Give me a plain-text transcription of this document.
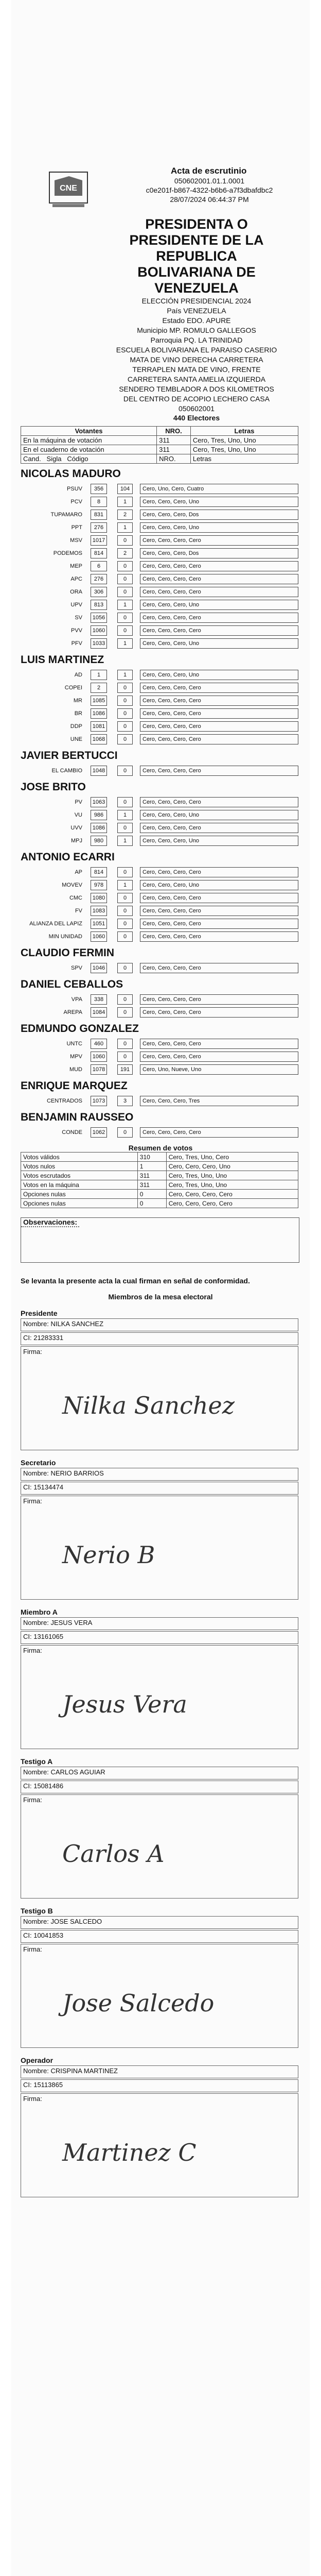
CNE
Acta de escrutinio
050602001.01.1.0001
c0e201f-b867-4322-b6b6-a7f3dbafdbc2
28/07/2024 06:44:37 PM
PRESIDENTA O PRESIDENTE DE LA REPUBLICA BOLIVARIANA DE VENEZUELA
ELECCIÓN PRESIDENCIAL 2024
País VENEZUELA
Estado EDO. APURE
Municipio MP. ROMULO GALLEGOS
Parroquia PQ. LA TRINIDAD
ESCUELA BOLIVARIANA EL PARAISO CASERIO MATA DE VINO DERECHA CARRETERA TERRAPLEN MATA DE VINO, FRENTE CARRETERA SANTA AMELIA IZQUIERDA SENDERO TEMBLADOR A DOS KILOMETROS DEL CENTRO DE ACOPIO LECHERO CASA
050602001
440 Electores
Votantes	NRO.	Letras
En la máquina de votación	311	Cero, Tres, Uno, Uno
En el cuaderno de votación	311	Cero, Tres, Uno, Uno
Cand. Sigla Código	NRO.	Letras
NICOLAS MADURO
PSUV	356	104	Cero, Uno, Cero, Cuatro
PCV	8	1	Cero, Cero, Cero, Uno
TUPAMARO	831	2	Cero, Cero, Cero, Dos
PPT	276	1	Cero, Cero, Cero, Uno
MSV	1017	0	Cero, Cero, Cero, Cero
PODEMOS	814	2	Cero, Cero, Cero, Dos
MEP	6	0	Cero, Cero, Cero, Cero
APC	276	0	Cero, Cero, Cero, Cero
ORA	306	0	Cero, Cero, Cero, Cero
UPV	813	1	Cero, Cero, Cero, Uno
SV	1056	0	Cero, Cero, Cero, Cero
PVV	1060	0	Cero, Cero, Cero, Cero
PFV	1033	1	Cero, Cero, Cero, Uno
LUIS MARTINEZ
AD	1	1	Cero, Cero, Cero, Uno
COPEI	2	0	Cero, Cero, Cero, Cero
MR	1085	0	Cero, Cero, Cero, Cero
BR	1086	0	Cero, Cero, Cero, Cero
DDP	1081	0	Cero, Cero, Cero, Cero
UNE	1068	0	Cero, Cero, Cero, Cero
JAVIER BERTUCCI
EL CAMBIO	1048	0	Cero, Cero, Cero, Cero
JOSE BRITO
PV	1063	0	Cero, Cero, Cero, Cero
VU	986	1	Cero, Cero, Cero, Uno
UVV	1086	0	Cero, Cero, Cero, Cero
MPJ	980	1	Cero, Cero, Cero, Uno
ANTONIO ECARRI
AP	814	0	Cero, Cero, Cero, Cero
MOVEV	978	1	Cero, Cero, Cero, Uno
CMC	1080	0	Cero, Cero, Cero, Cero
FV	1083	0	Cero, Cero, Cero, Cero
ALIANZA DEL LAPIZ	1051	0	Cero, Cero, Cero, Cero
MIN UNIDAD	1060	0	Cero, Cero, Cero, Cero
CLAUDIO FERMIN
SPV	1046	0	Cero, Cero, Cero, Cero
DANIEL CEBALLOS
VPA	338	0	Cero, Cero, Cero, Cero
AREPA	1084	0	Cero, Cero, Cero, Cero
EDMUNDO GONZALEZ
UNTC	460	0	Cero, Cero, Cero, Cero
MPV	1060	0	Cero, Cero, Cero, Cero
MUD	1078	191	Cero, Uno, Nueve, Uno
ENRIQUE MARQUEZ
CENTRADOS	1073	3	Cero, Cero, Cero, Tres
BENJAMIN RAUSSEO
CONDE	1062	0	Cero, Cero, Cero, Cero
Resumen de votos
Votos válidos	310	Cero, Tres, Uno, Cero
Votos nulos	1	Cero, Cero, Cero, Uno
Votos escrutados	311	Cero, Tres, Uno, Uno
Votos en la máquina	311	Cero, Tres, Uno, Uno
Opciones nulas	0	Cero, Cero, Cero, Cero
Opciones nulas	0	Cero, Cero, Cero, Cero
Observaciones:
Se levanta la presente acta la cual firman en señal de conformidad.
Miembros de la mesa electoral
Presidente
Nombre: NILKA SANCHEZ
CI: 21283331
Firma:
Nilka Sanchez
Secretario
Nombre: NERIO BARRIOS
CI: 15134474
Firma:
Nerio B
Miembro A
Nombre: JESUS VERA
CI: 13161065
Firma:
Jesus Vera
Testigo A
Nombre: CARLOS AGUIAR
CI: 15081486
Firma:
Carlos A
Testigo B
Nombre: JOSE SALCEDO
CI: 10041853
Firma:
Jose Salcedo
Operador
Nombre: CRISPINA MARTINEZ
CI: 15113865
Firma:
Martinez C
